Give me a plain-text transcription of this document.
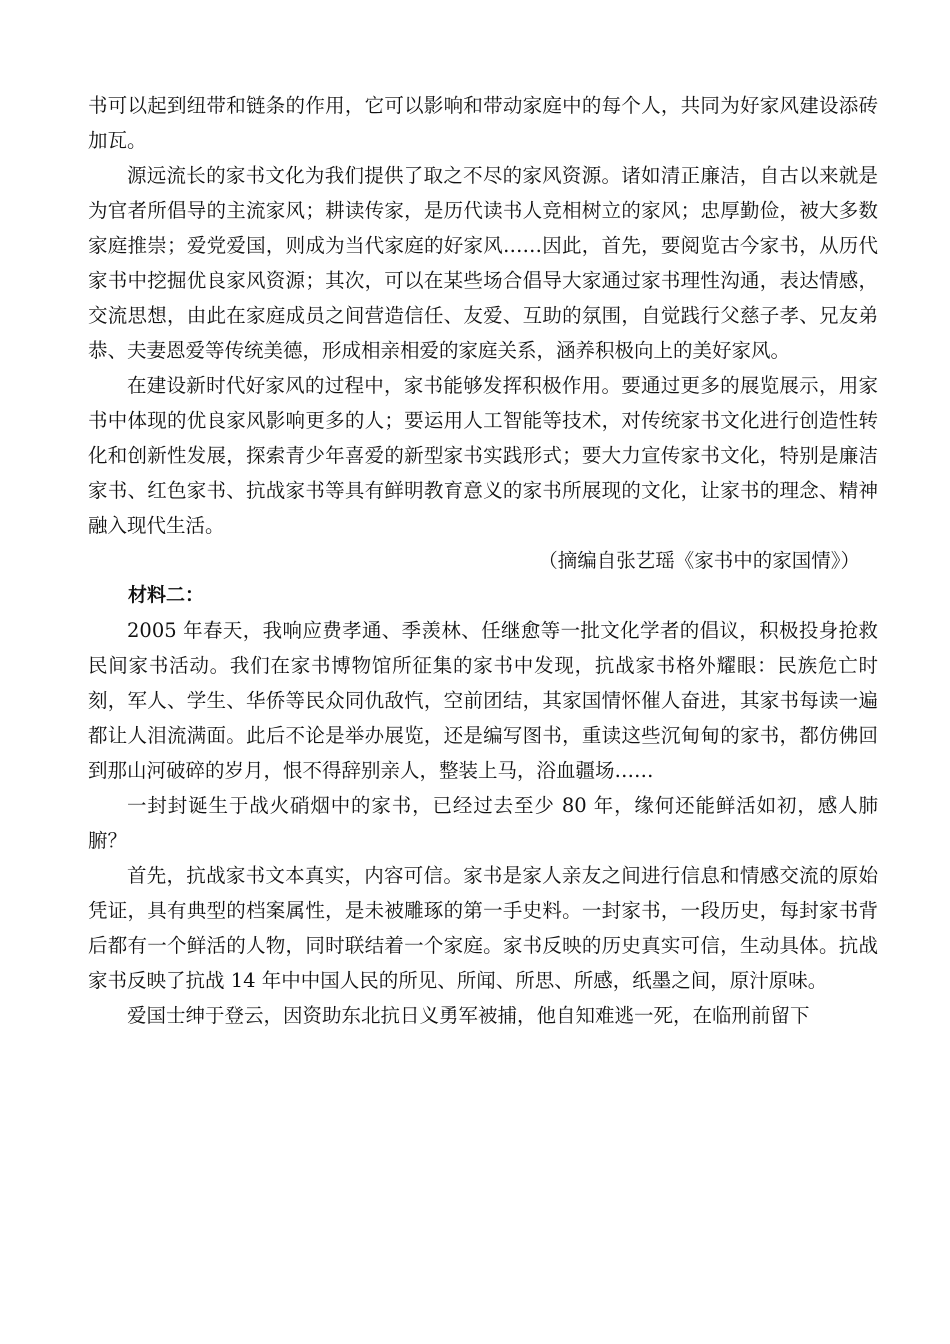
书可以起到纽带和链条的作用，它可以影响和带动家庭中的每个人，共同为好家风建设添砖加瓦。

源远流长的家书文化为我们提供了取之不尽的家风资源。诸如清正廉洁，自古以来就是为官者所倡导的主流家风；耕读传家，是历代读书人竞相树立的家风；忠厚勤俭，被大多数家庭推崇；爱党爱国，则成为当代家庭的好家风……因此，首先，要阅览古今家书，从历代家书中挖掘优良家风资源；其次，可以在某些场合倡导大家通过家书理性沟通，表达情感，交流思想，由此在家庭成员之间营造信任、友爱、互助的氛围，自觉践行父慈子孝、兄友弟恭、夫妻恩爱等传统美德，形成相亲相爱的家庭关系，涵养积极向上的美好家风。

在建设新时代好家风的过程中，家书能够发挥积极作用。要通过更多的展览展示，用家书中体现的优良家风影响更多的人；要运用人工智能等技术，对传统家书文化进行创造性转化和创新性发展，探索青少年喜爱的新型家书实践形式；要大力宣传家书文化，特别是廉洁家书、红色家书、抗战家书等具有鲜明教育意义的家书所展现的文化，让家书的理念、精神融入现代生活。

（摘编自张艺瑶《家书中的家国情》）

材料二：

2005 年春天，我响应费孝通、季羡林、任继愈等一批文化学者的倡议，积极投身抢救民间家书活动。我们在家书博物馆所征集的家书中发现，抗战家书格外耀眼：民族危亡时刻，军人、学生、华侨等民众同仇敌忾，空前团结，其家国情怀催人奋进，其家书每读一遍都让人泪流满面。此后不论是举办展览，还是编写图书，重读这些沉甸甸的家书，都仿佛回到那山河破碎的岁月，恨不得辞别亲人，整装上马，浴血疆场……

一封封诞生于战火硝烟中的家书，已经过去至少 80 年，缘何还能鲜活如初，感人肺腑？

首先，抗战家书文本真实，内容可信。家书是家人亲友之间进行信息和情感交流的原始凭证，具有典型的档案属性，是未被雕琢的第一手史料。一封家书，一段历史，每封家书背后都有一个鲜活的人物，同时联结着一个家庭。家书反映的历史真实可信，生动具体。抗战家书反映了抗战 14 年中中国人民的所见、所闻、所思、所感，纸墨之间，原汁原味。

爱国士绅于登云，因资助东北抗日义勇军被捕，他自知难逃一死，在临刑前留下
